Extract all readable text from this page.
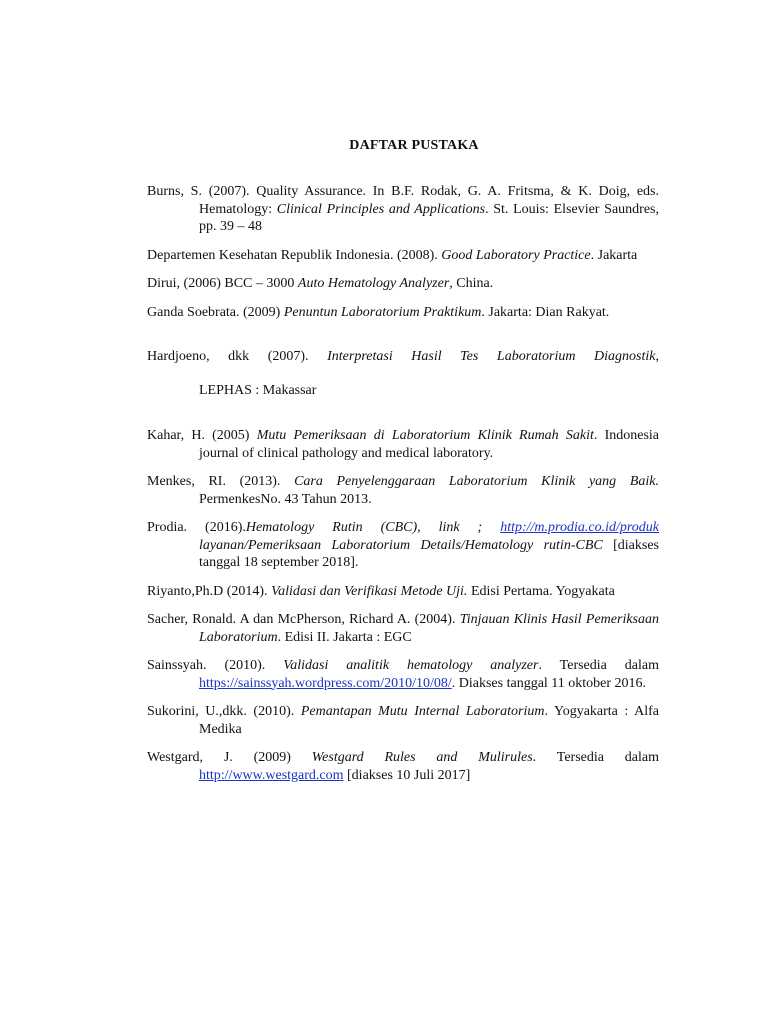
DAFTAR PUSTAKA
Burns, S. (2007). Quality Assurance. In B.F. Rodak, G. A. Fritsma, & K. Doig, eds. Hematology: Clinical Principles and Applications. St. Louis: Elsevier Saundres, pp. 39 – 48
Departemen Kesehatan Republik Indonesia. (2008). Good Laboratory Practice. Jakarta
Dirui, (2006) BCC – 3000 Auto Hematology Analyzer, China.
Ganda Soebrata. (2009) Penuntun Laboratorium Praktikum. Jakarta: Dian Rakyat.
Hardjoeno, dkk (2007). Interpretasi Hasil Tes Laboratorium Diagnostik,
LEPHAS : Makassar
Kahar, H. (2005) Mutu Pemeriksaan di Laboratorium Klinik Rumah Sakit. Indonesia journal of clinical pathology and medical laboratory.
Menkes, RI. (2013). Cara Penyelenggaraan Laboratorium Klinik yang Baik. PermenkesNo. 43 Tahun 2013.
Prodia. (2016).Hematology Rutin (CBC), link ; http://m.prodia.co.id/produk layanan/Pemeriksaan Laboratorium Details/Hematology rutin-CBC [diakses tanggal 18 september 2018].
Riyanto,Ph.D (2014). Validasi dan Verifikasi Metode Uji. Edisi Pertama. Yogyakata
Sacher, Ronald. A dan McPherson, Richard A. (2004). Tinjauan Klinis Hasil Pemeriksaan Laboratorium. Edisi II. Jakarta : EGC
Sainssyah. (2010). Validasi analitik hematology analyzer. Tersedia dalam https://sainssyah.wordpress.com/2010/10/08/. Diakses tanggal 11 oktober 2016.
Sukorini, U.,dkk. (2010). Pemantapan Mutu Internal Laboratorium. Yogyakarta : Alfa Medika
Westgard, J. (2009) Westgard Rules and Mulirules. Tersedia dalam http://www.westgard.com [diakses 10 Juli 2017]
